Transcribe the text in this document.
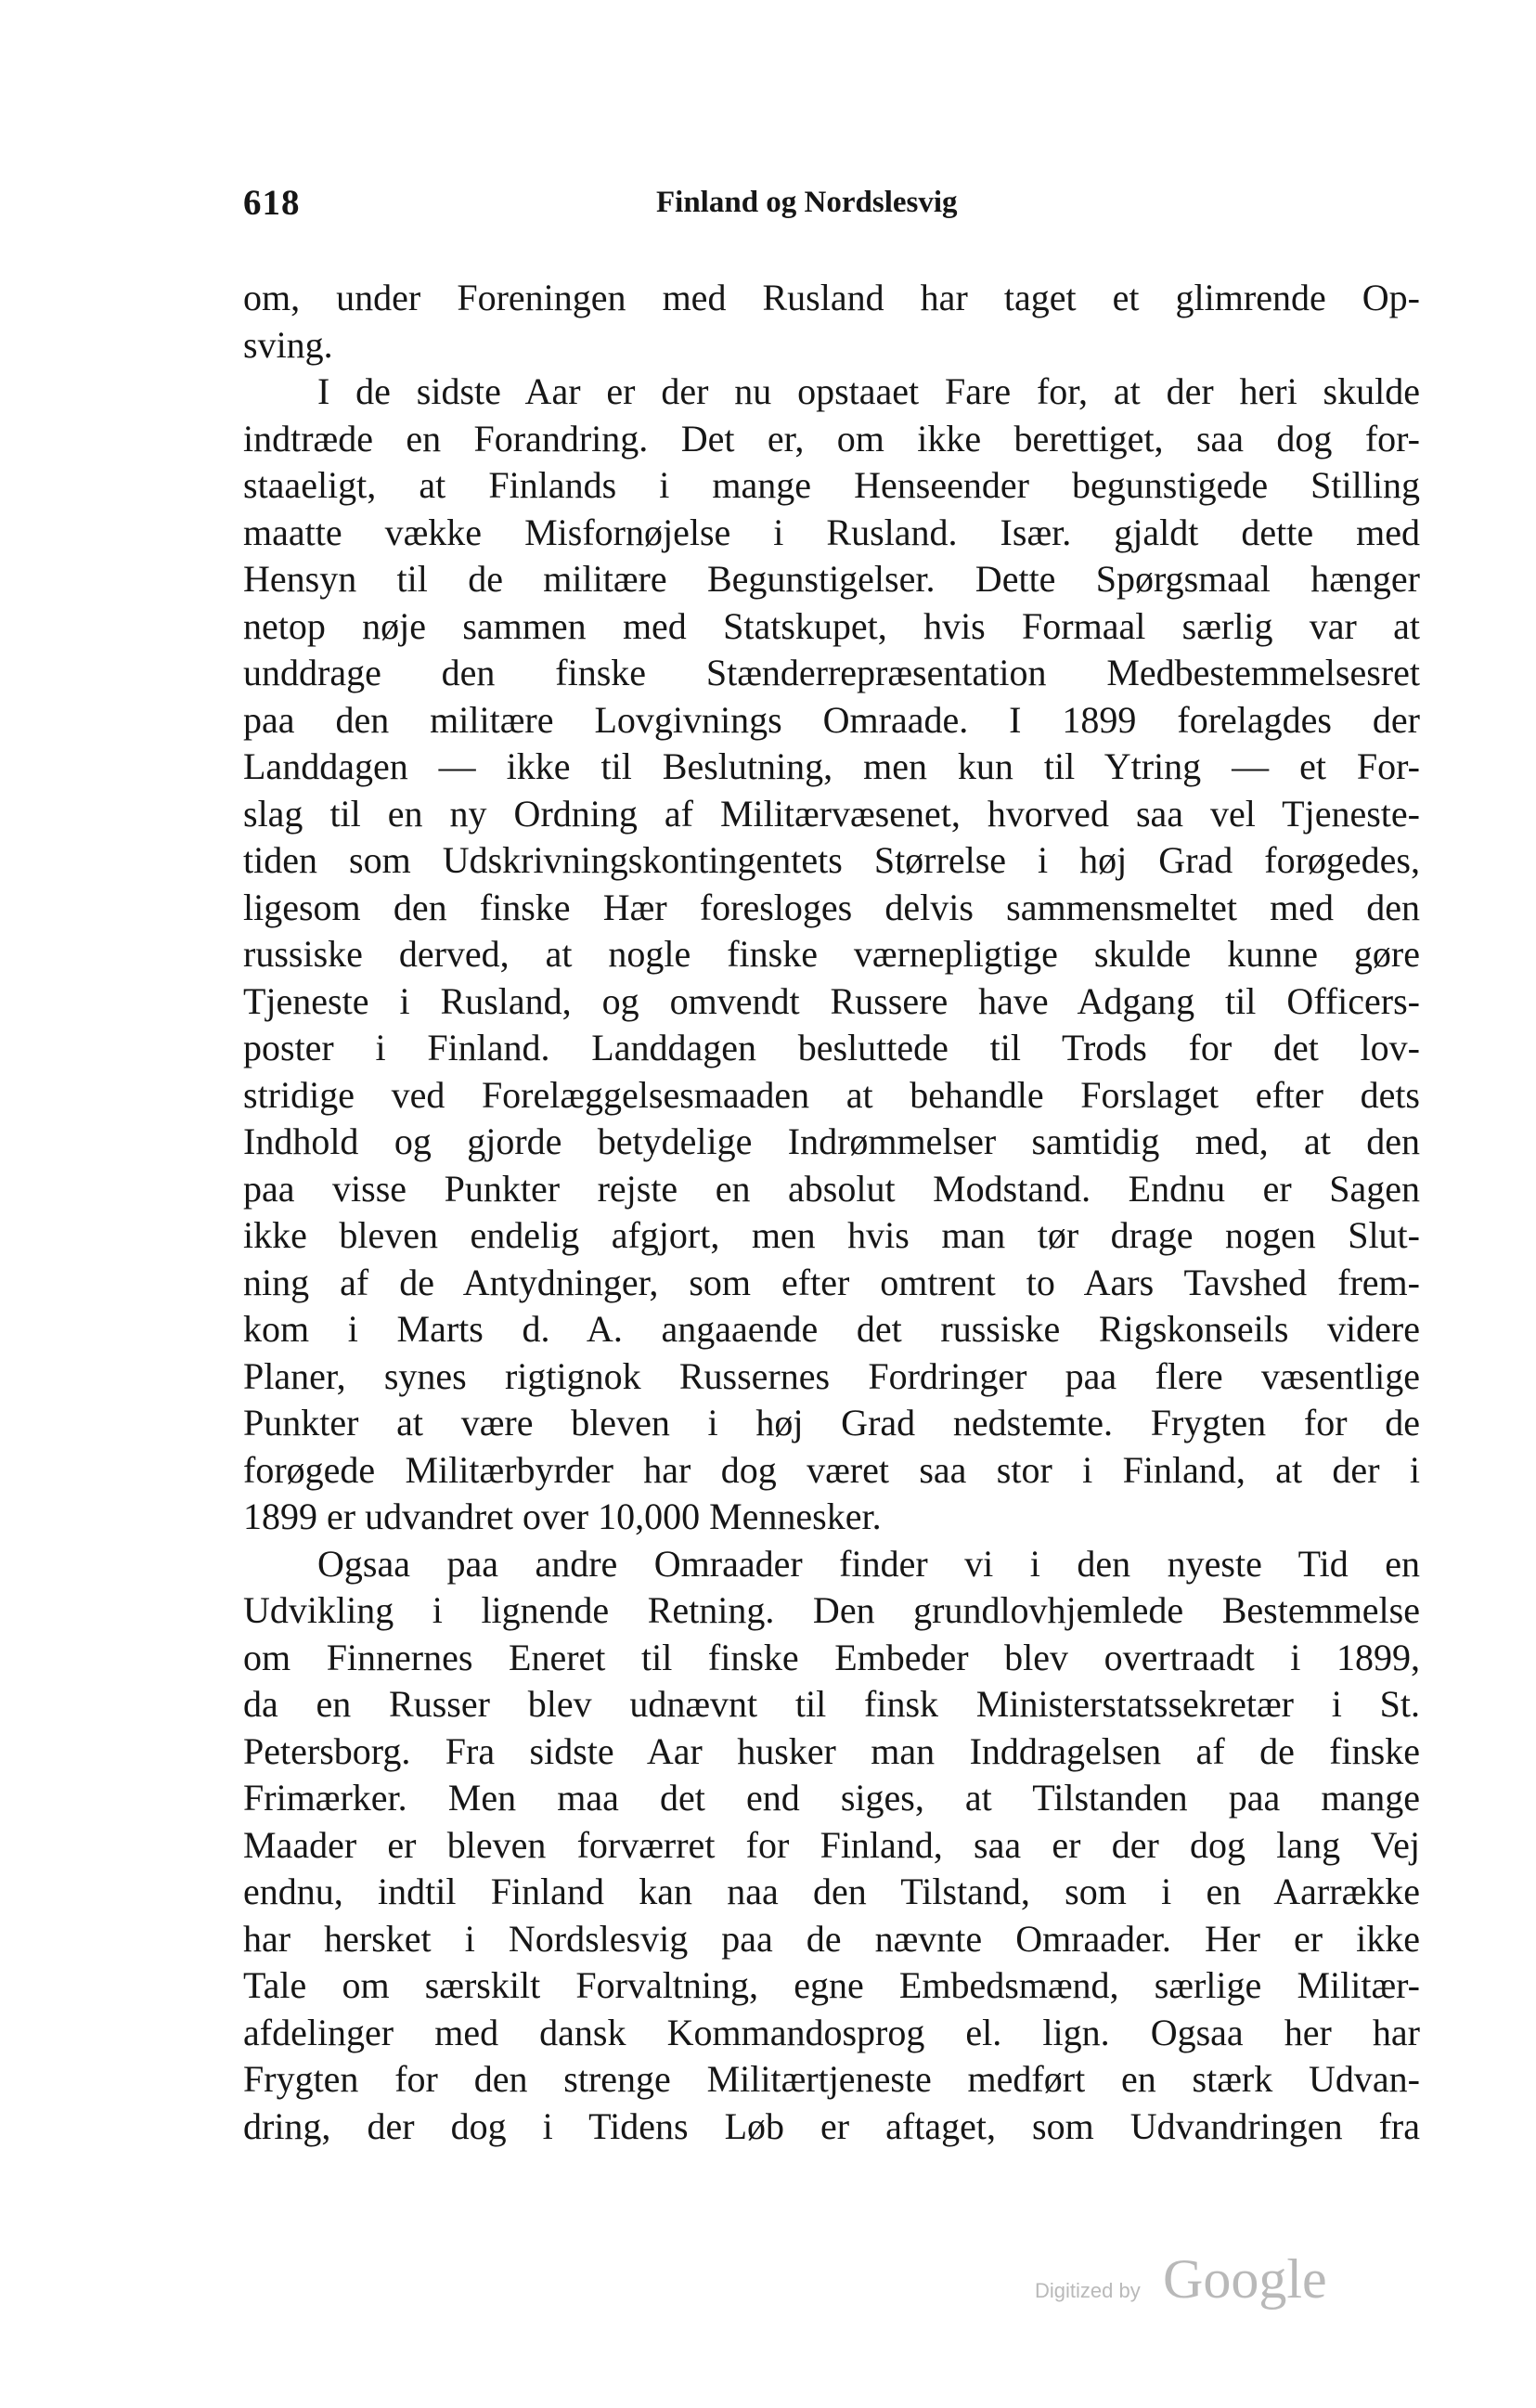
618	Finland og Nordslesvig
om, under Foreningen med Rusland har taget et glimrende Op-
sving.
I de sidste Aar er der nu opstaaet Fare for, at der heri skulde
indtræde en Forandring. Det er, om ikke berettiget, saa dog for-
staaeligt, at Finlands i mange Henseender begunstigede Stilling
maatte vække Misfornøjelse i Rusland. Især. gjaldt dette med
Hensyn til de militære Begunstigelser. Dette Spørgsmaal hænger
netop nøje sammen med Statskupet, hvis Formaal særlig var at
unddrage den finske Stænderrepræsentation Medbestemmelsesret
paa den militære Lovgivnings Omraade. I 1899 forelagdes der
Landdagen — ikke til Beslutning, men kun til Ytring — et For-
slag til en ny Ordning af Militærvæsenet, hvorved saa vel Tjeneste-
tiden som Udskrivningskontingentets Størrelse i høj Grad forøgedes,
ligesom den finske Hær foresloges delvis sammensmeltet med den
russiske derved, at nogle finske værnepligtige skulde kunne gøre
Tjeneste i Rusland, og omvendt Russere have Adgang til Officers-
poster i Finland. Landdagen besluttede til Trods for det lov-
stridige ved Forelæggelsesmaaden at behandle Forslaget efter dets
Indhold og gjorde betydelige Indrømmelser samtidig med, at den
paa visse Punkter rejste en absolut Modstand. Endnu er Sagen
ikke bleven endelig afgjort, men hvis man tør drage nogen Slut-
ning af de Antydninger, som efter omtrent to Aars Tavshed frem-
kom i Marts d. A. angaaende det russiske Rigskonseils videre
Planer, synes rigtignok Russernes Fordringer paa flere væsentlige
Punkter at være bleven i høj Grad nedstemte. Frygten for de
forøgede Militærbyrder har dog været saa stor i Finland, at der i
1899 er udvandret over 10,000 Mennesker.
Ogsaa paa andre Omraader finder vi i den nyeste Tid en
Udvikling i lignende Retning. Den grundlovhjemlede Bestemmelse
om Finnernes Eneret til finske Embeder blev overtraadt i 1899,
da en Russer blev udnævnt til finsk Ministerstatssekretær i St.
Petersborg. Fra sidste Aar husker man Inddragelsen af de finske
Frimærker. Men maa det end siges, at Tilstanden paa mange
Maader er bleven forværret for Finland, saa er der dog lang Vej
endnu, indtil Finland kan naa den Tilstand, som i en Aarrække
har hersket i Nordslesvig paa de nævnte Omraader. Her er ikke
Tale om særskilt Forvaltning, egne Embedsmænd, særlige Militær-
afdelinger med dansk Kommandosprog el. lign. Ogsaa her har
Frygten for den strenge Militærtjeneste medført en stærk Udvan-
dring, der dog i Tidens Løb er aftaget, som Udvandringen fra
Digitized by Google
